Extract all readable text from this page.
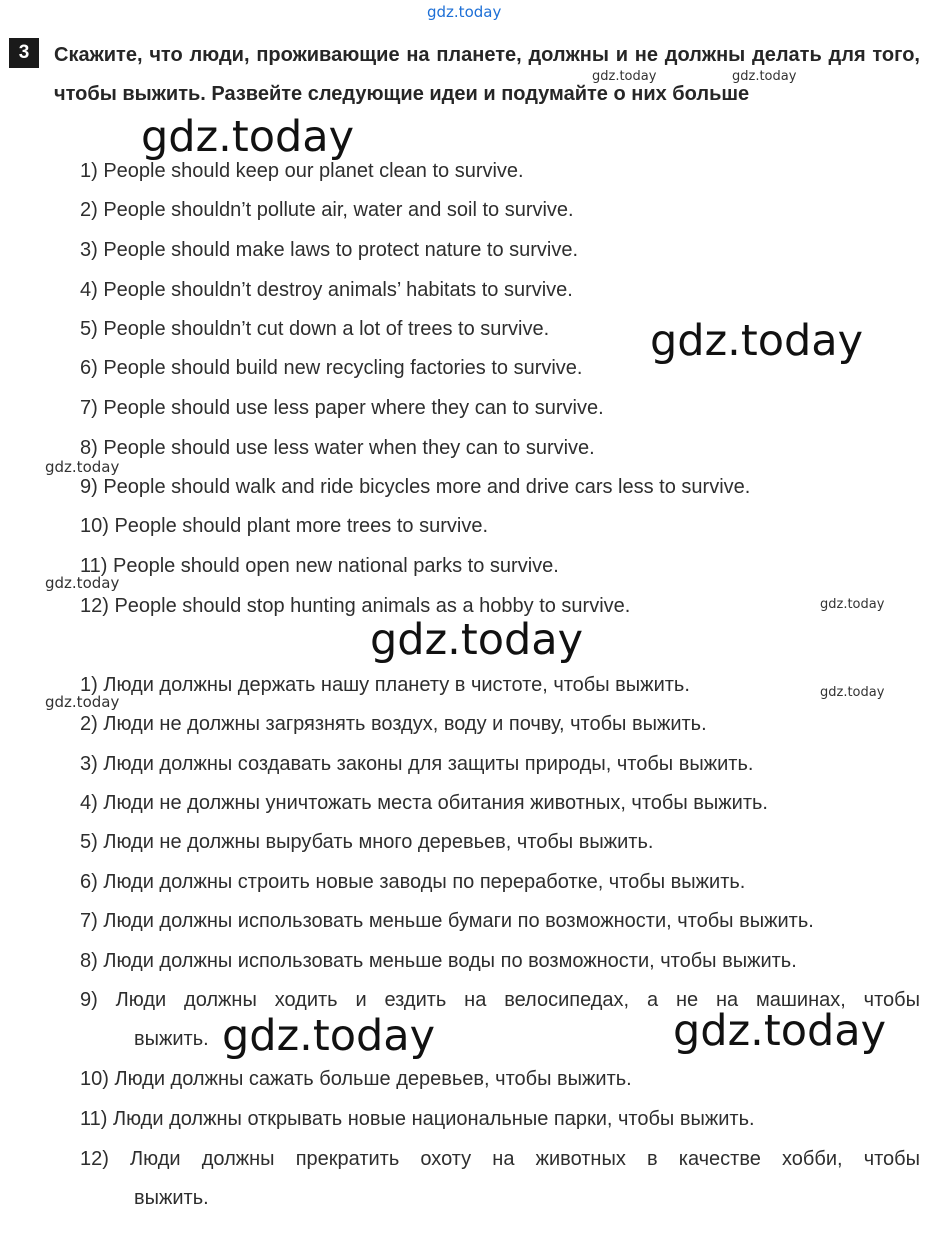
gdz.today
3	Скажите, что люди, проживающие на планете, должны и не должны делать для того, чтобы выжить. Развейте следующие идеи и подумайте о них больше
1) People should keep our planet clean to survive.
2) People shouldn’t pollute air, water and soil to survive.
3) People should make laws to protect nature to survive.
4) People shouldn’t destroy animals’ habitats to survive.
5) People shouldn’t cut down a lot of trees to survive.
6) People should build new recycling factories to survive.
7) People should use less paper where they can to survive.
8) People should use less water when they can to survive.
9) People should walk and ride bicycles more and drive cars less to survive.
10) People should plant more trees to survive.
11) People should open new national parks to survive.
12) People should stop hunting animals as a hobby to survive.
1) Люди должны держать нашу планету в чистоте, чтобы выжить.
2) Люди не должны загрязнять воздух, воду и почву, чтобы выжить.
3) Люди должны создавать законы для защиты природы, чтобы выжить.
4) Люди не должны уничтожать места обитания животных, чтобы выжить.
5) Люди не должны вырубать много деревьев, чтобы выжить.
6) Люди должны строить новые заводы по переработке, чтобы выжить.
7) Люди должны использовать меньше бумаги по возможности, чтобы выжить.
8) Люди должны использовать меньше воды по возможности, чтобы выжить.
9) Люди должны ходить и ездить на велосипедах, а не на машинах, чтобы
выжить.
10) Люди должны сажать больше деревьев, чтобы выжить.
11) Люди должны открывать новые национальные парки, чтобы выжить.
12) Люди должны прекратить охоту на животных в качестве хобби, чтобы
выжить.
gdz.today	gdz.today
gdz.today
gdz.today
gdz.today
gdz.today
gdz.today
gdz.today
gdz.today
gdz.today
gdz.today	gdz.today
